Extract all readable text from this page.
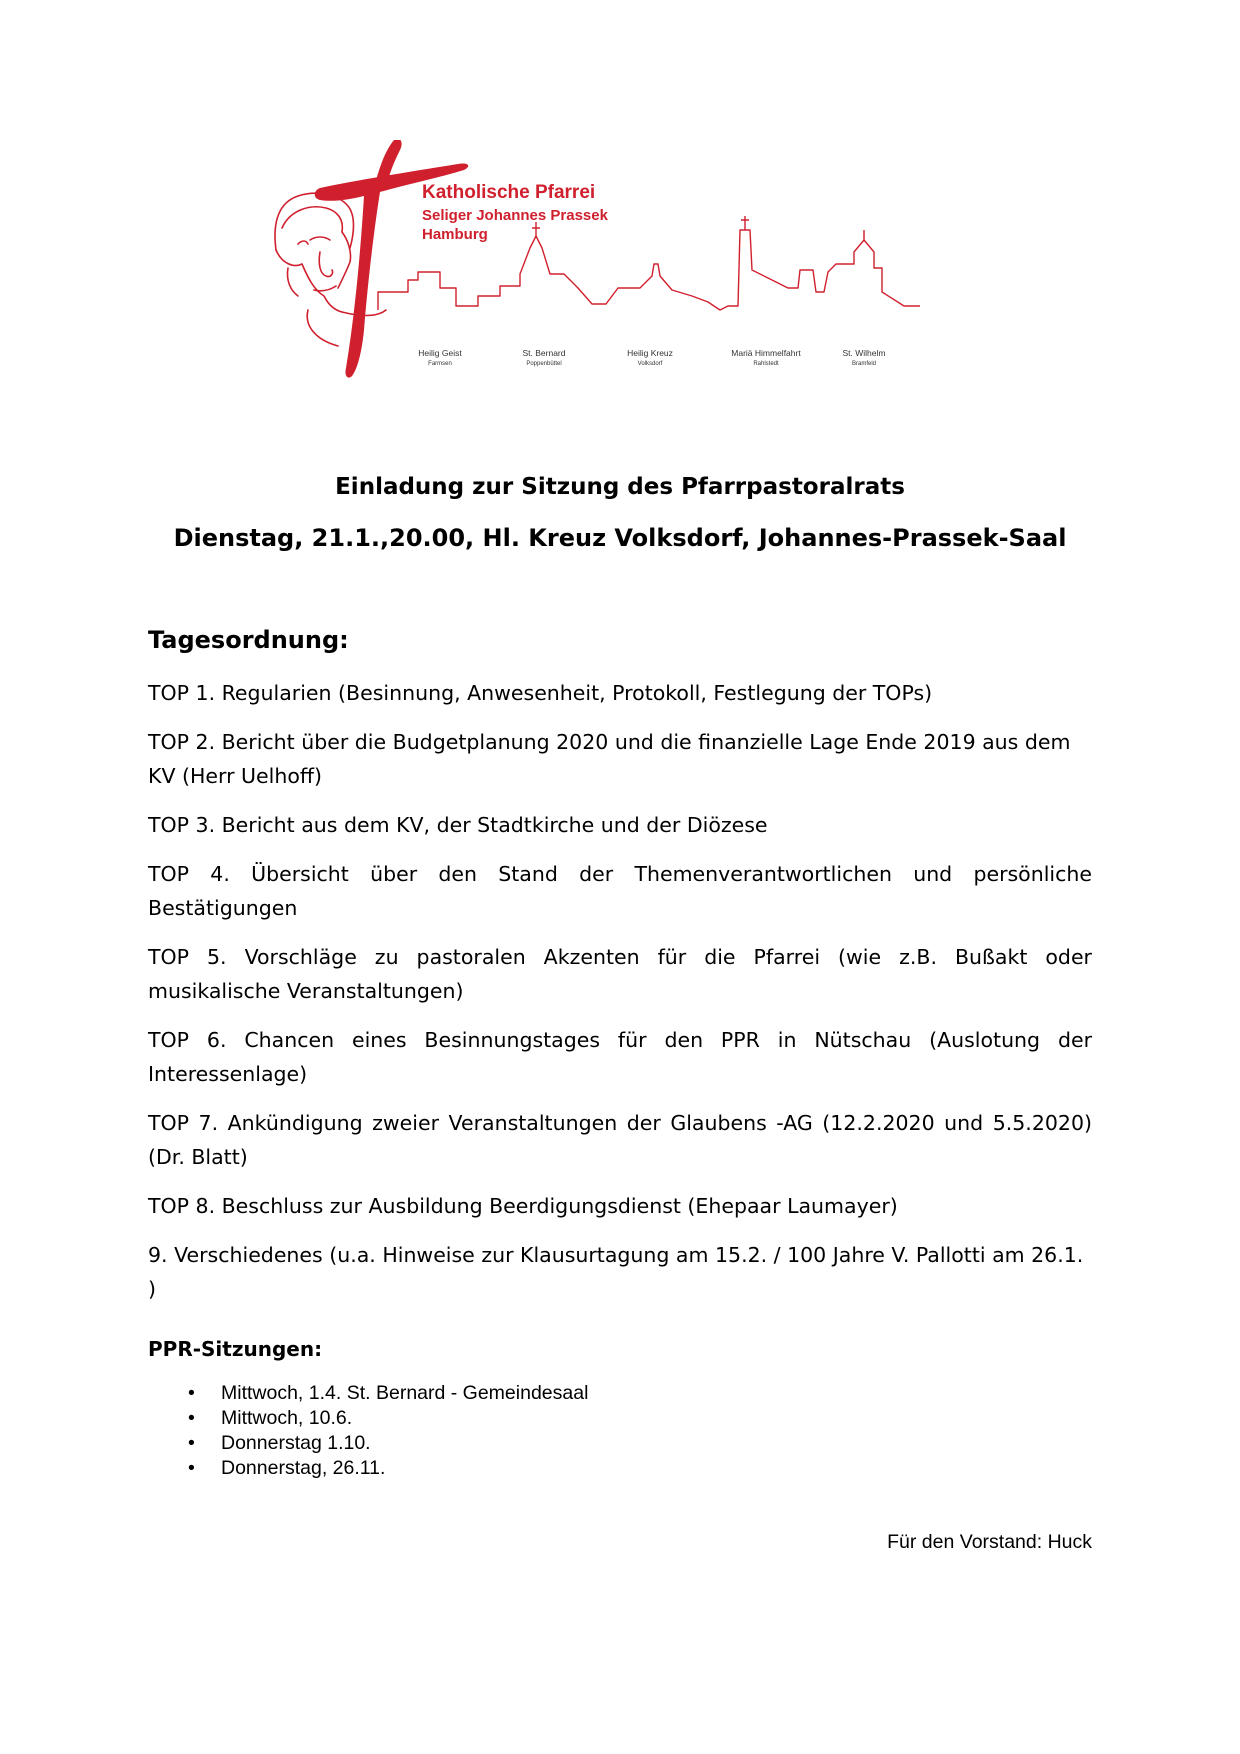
Katholische Pfarrei
Seliger Johannes Prassek
Hamburg
Heilig Geist
Farmsen
St. Bernard
Poppenbüttel
Heilig Kreuz
Volksdorf
Mariä Himmelfahrt
Rahlstedt
St. Wilhelm
Bramfeld
Einladung zur Sitzung des Pfarrpastoralrats
Dienstag, 21.1.,20.00, Hl. Kreuz Volksdorf, Johannes-Prassek-Saal
Tagesordnung:

TOP 1. Regularien (Besinnung, Anwesenheit, Protokoll, Festlegung der TOPs)

TOP 2. Bericht über die Budgetplanung 2020 und die finanzielle Lage Ende 2019 aus dem KV (Herr Uelhoff)

TOP 3. Bericht aus dem KV, der Stadtkirche und der Diözese

TOP 4. Übersicht über den Stand der Themenverantwortlichen und persönliche Bestätigungen

TOP 5. Vorschläge zu pastoralen Akzenten für die Pfarrei (wie z.B. Bußakt oder musikalische Veranstaltungen)

TOP 6. Chancen eines Besinnungstages für den PPR in Nütschau (Auslotung der Interessenlage)

TOP 7. Ankündigung zweier Veranstaltungen der Glaubens -AG (12.2.2020 und 5.5.2020) (Dr. Blatt)

TOP 8. Beschluss zur Ausbildung Beerdigungsdienst (Ehepaar Laumayer)

9. Verschiedenes (u.a. Hinweise zur Klausurtagung am 15.2. / 100 Jahre V. Pallotti am 26.1. )

PPR-Sitzungen:
• Mittwoch, 1.4. St. Bernard - Gemeindesaal
• Mittwoch, 10.6.
• Donnerstag 1.10.
• Donnerstag, 26.11.
Für den Vorstand: Huck
